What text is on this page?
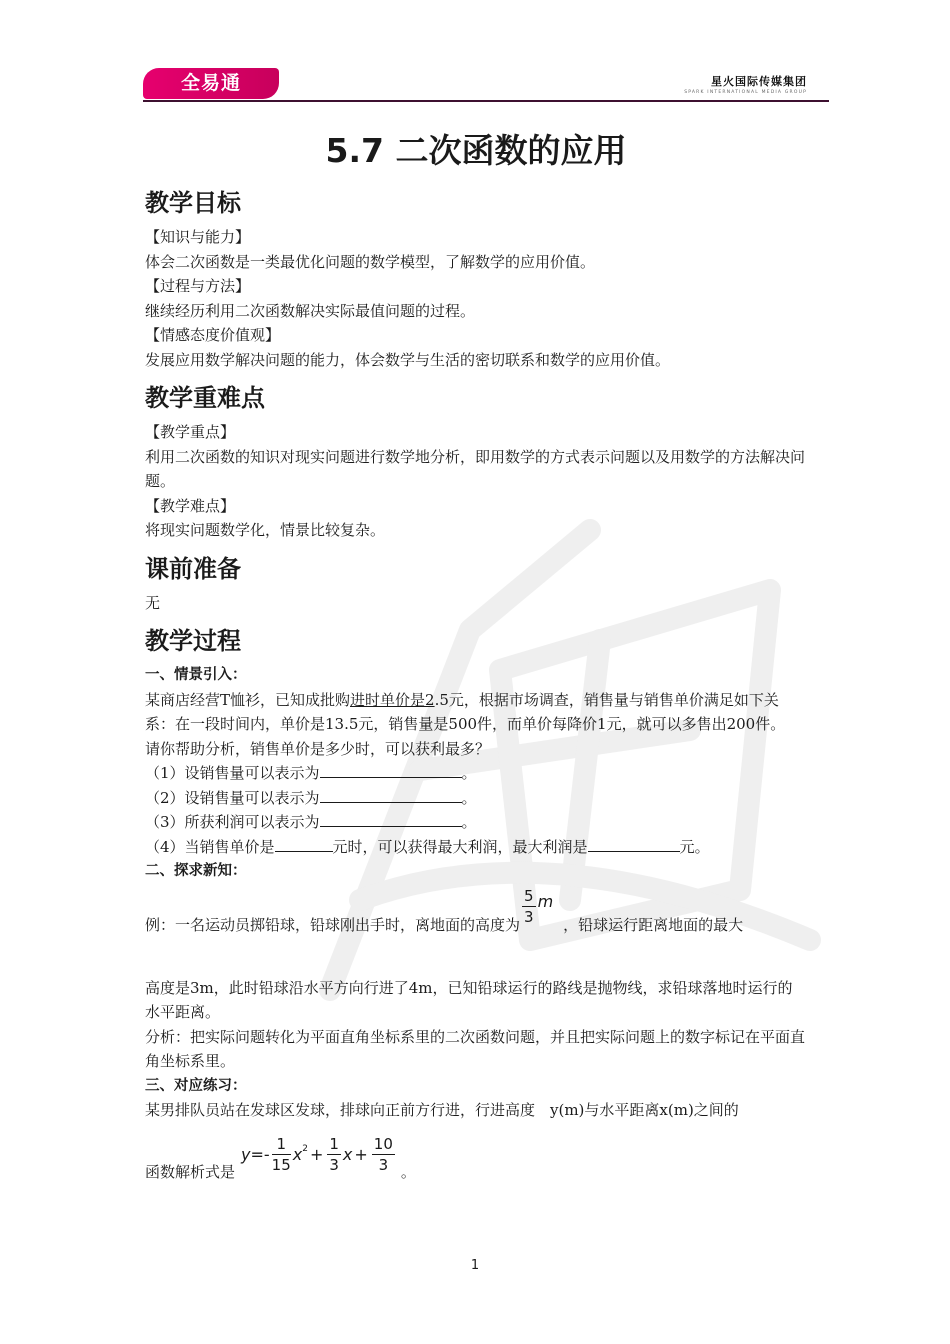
全易通	星火国际传媒集团
SPARK INTERNATIONAL MEDIA GROUP
5.7 二次函数的应用
教学目标

【知识与能力】

体会二次函数是一类最优化问题的数学模型，了解数学的应用价值。

【过程与方法】

继续经历利用二次函数解决实际最值问题的过程。

【情感态度价值观】

发展应用数学解决问题的能力，体会数学与生活的密切联系和数学的应用价值。

教学重难点

【教学重点】

利用二次函数的知识对现实问题进行数学地分析，即用数学的方式表示问题以及用数学的方法解决问题。

【教学难点】

将现实问题数学化，情景比较复杂。

课前准备

无

教学过程

一、情景引入：

某商店经营T恤衫，已知成批购进时单价是2.5元，根据市场调查，销售量与销售单价满足如下关系：在一段时间内，单价是13.5元，销售量是500件，而单价每降价1元，就可以多售出200件。

请你帮助分析，销售单价是多少时，可以获利最多？

（1）设销售量可以表示为	。

（2）设销售量可以表示为	。

（3）所获利润可以表示为	。

（4）当销售单价是	元时，可以获得最大利润，最大利润是	元。

二、探求新知：

例：一名运动员掷铅球，铅球刚出手时，离地面的高度为 $\frac{5}{3}$ m

，铅球运行距离地面的最大

高度是3m，此时铅球沿水平方向行进了4m，已知铅球运行的路线是抛物线，求铅球落地时运行的水平距离。

分析：把实际问题转化为平面直角坐标系里的二次函数问题，并且把实际问题上的数字标记在平面直角坐标系里。

三、对应练习：

某男排队员站在发球区发球，排球向正前方行进，行进高度　y(m)与水平距离x(m)之间的

函数解析式是

$y =- \frac{1}{15} x^2 + \frac{1}{3}$ $x + \frac{10}{3}$ 。

1
